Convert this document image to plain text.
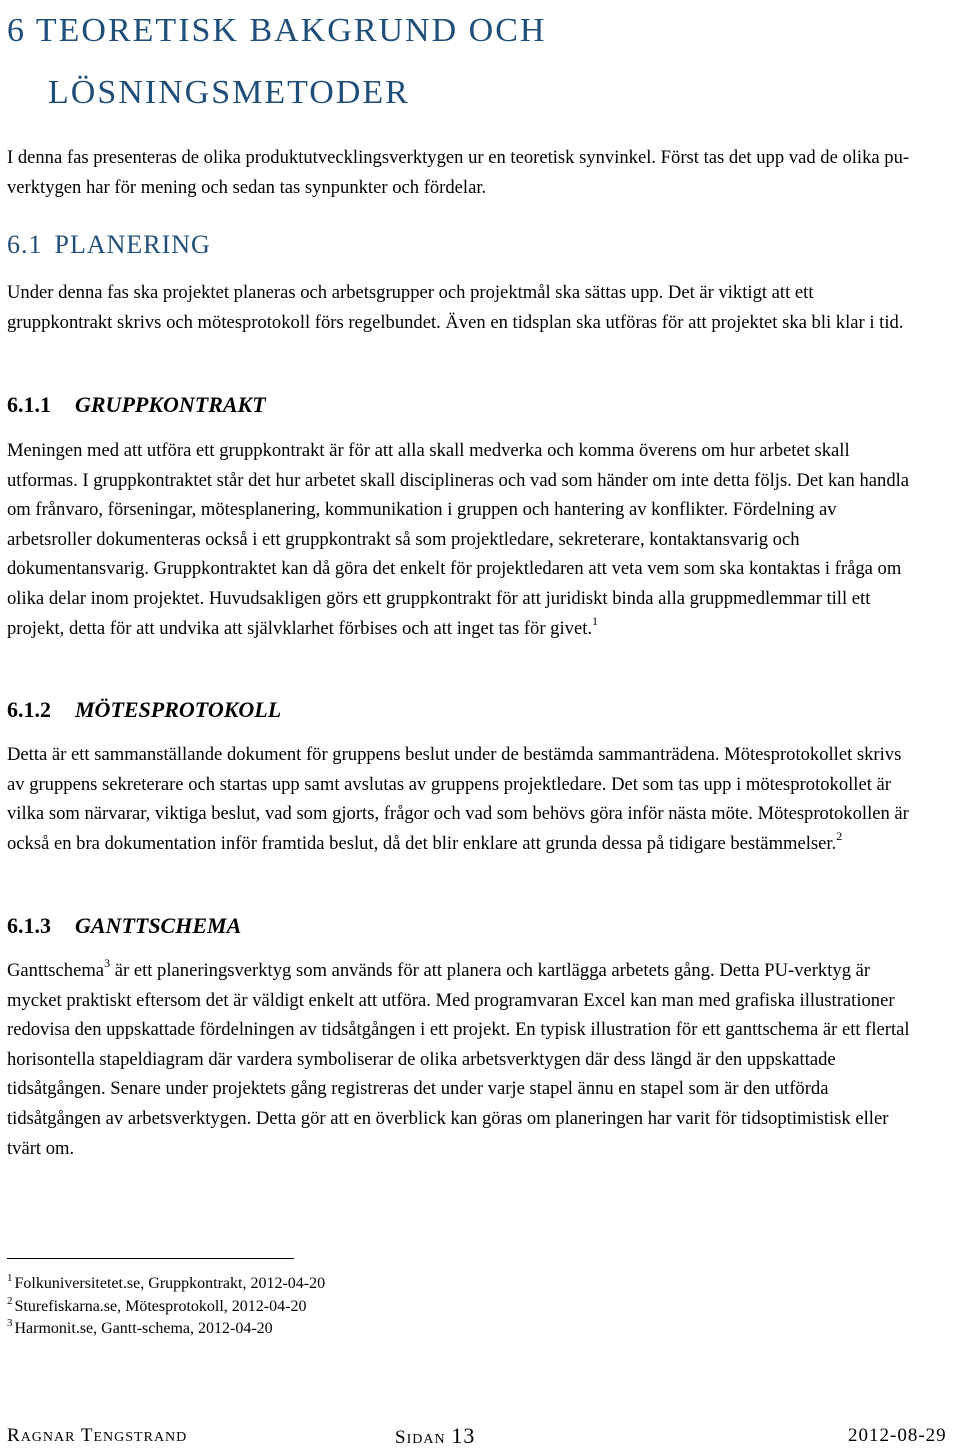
6 TEORETISK BAKGRUND OCH
LÖSNINGSMETODER

I denna fas presenteras de olika produktutvecklingsverktygen ur en teoretisk synvinkel. Först tas det upp vad de olika pu-verktygen har för mening och sedan tas synpunkter och fördelar.

6.1 PLANERING

Under denna fas ska projektet planeras och arbetsgrupper och projektmål ska sättas upp. Det är viktigt att ett gruppkontrakt skrivs och mötesprotokoll förs regelbundet. Även en tidsplan ska utföras för att projektet ska bli klar i tid.

6.1.1 GRUPPKONTRAKT

Meningen med att utföra ett gruppkontrakt är för att alla skall medverka och komma överens om hur arbetet skall utformas. I gruppkontraktet står det hur arbetet skall disciplineras och vad som händer om inte detta följs. Det kan handla om frånvaro, förseningar, mötesplanering, kommunikation i gruppen och hantering av konflikter. Fördelning av arbetsroller dokumenteras också i ett gruppkontrakt så som projektledare, sekreterare, kontaktansvarig och dokumentansvarig. Gruppkontraktet kan då göra det enkelt för projektledaren att veta vem som ska kontaktas i fråga om olika delar inom projektet. Huvudsakligen görs ett gruppkontrakt för att juridiskt binda alla gruppmedlemmar till ett projekt, detta för att undvika att självklarhet förbises och att inget tas för givet.$^1$

6.1.2 MÖTESPROTOKOLL

Detta är ett sammanställande dokument för gruppens beslut under de bestämda sammanträdena. Mötesprotokollet skrivs av gruppens sekreterare och startas upp samt avslutas av gruppens projektledare. Det som tas upp i mötesprotokollet är vilka som närvarar, viktiga beslut, vad som gjorts, frågor och vad som behövs göra inför nästa möte. Mötesprotokollen är också en bra dokumentation inför framtida beslut, då det blir enklare att grunda dessa på tidigare bestämmelser.$^2$

6.1.3 GANTTSCHEMA

Ganttschema$^3$ är ett planeringsverktyg som används för att planera och kartlägga arbetets gång. Detta PU-verktyg är mycket praktiskt eftersom det är väldigt enkelt att utföra. Med programvaran Excel kan man med grafiska illustrationer redovisa den uppskattade fördelningen av tidsåtgången i ett projekt. En typisk illustration för ett ganttschema är ett flertal horisontella stapeldiagram där vardera symboliserar de olika arbetsverktygen där dess längd är den uppskattade tidsåtgången. Senare under projektets gång registreras det under varje stapel ännu en stapel som är den utförda tidsåtgången av arbetsverktygen. Detta gör att en överblick kan göras om planeringen har varit för tidsoptimistisk eller tvärt om.

$^1$ Folkuniversitetet.se, Gruppkontrakt, 2012-04-20

$^2$ Sturefiskarna.se, Mötesprotokoll, 2012-04-20

$^3$ Harmonit.se, Gantt-schema, 2012-04-20

RAGNAR TENGSTRAND	SIDAN 13	2012-08-29
